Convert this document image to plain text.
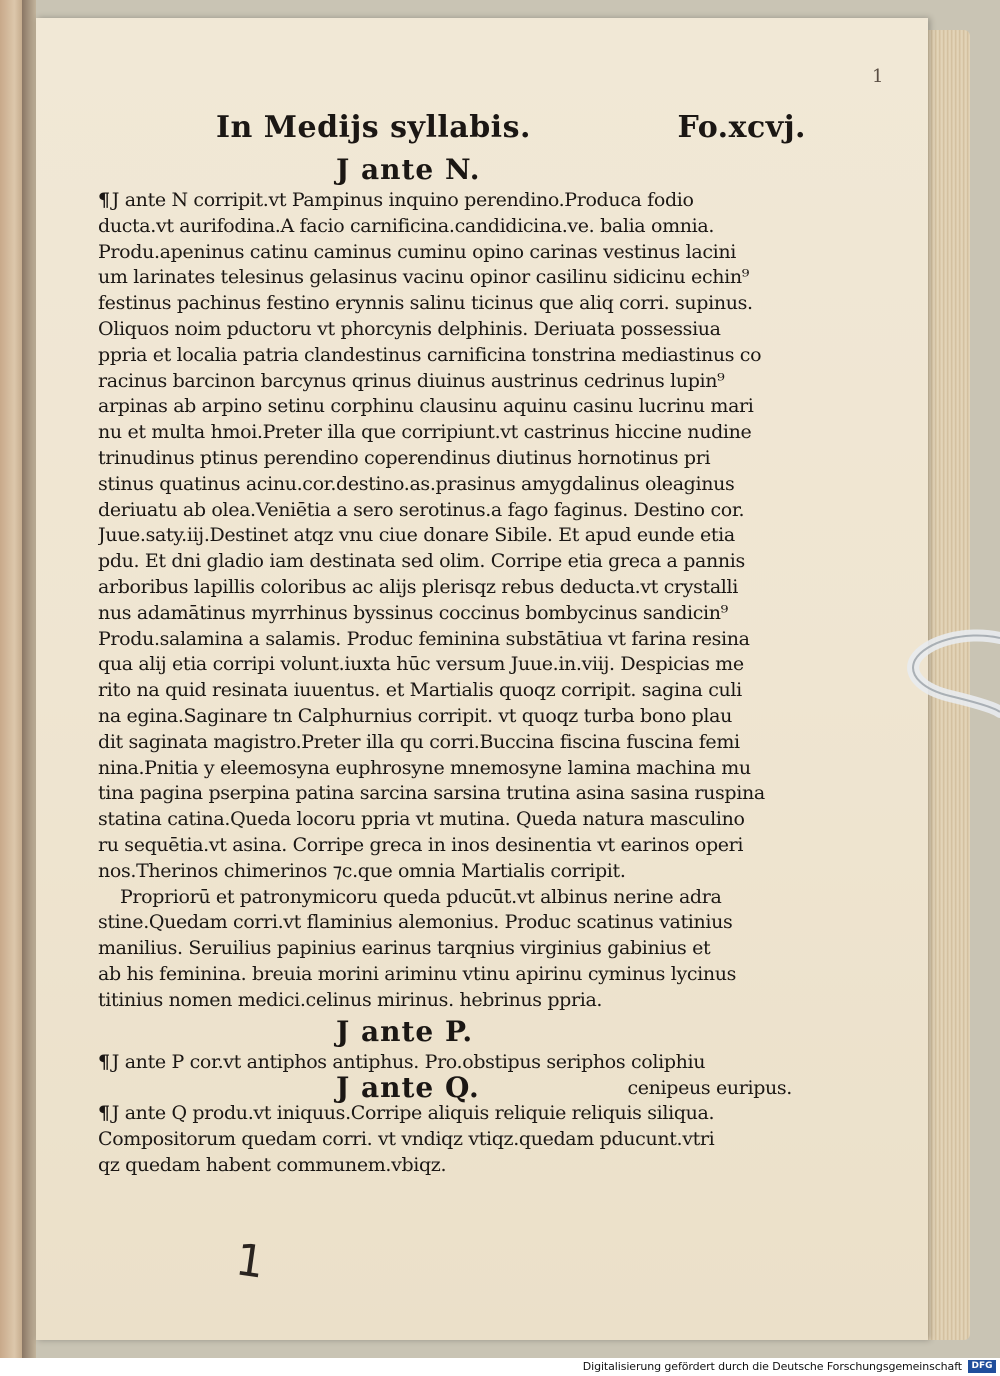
1
In Medijs syllabis.	Fo.xcvj.
J ante N.
¶ J ante N corripit.vt Pampinus inquino perendino.Produca fodio
ducta.vt aurifodina.A facio carnificina.candidicina.ve. balia omnia.
Produ.apeninus catinu caminus cuminu opino carinas vestinus lacini
um larinates telesinus gelasinus vacinu opinor casilinu sidicinu echin⁹
festinus pachinus festino erynnis salinu ticinus que aliq corri. supinus.
Oliquos noim pductoru vt phorcynis delphinis. Deriuata possessiua
ppria et localia patria clandestinus carnificina tonstrina mediastinus co
racinus barcinon barcynus qrinus diuinus austrinus cedrinus lupin⁹
arpinas ab arpino setinu corphinu clausinu aquinu casinu lucrinu mari
nu et multa hmoi.Preter illa que corripiunt.vt castrinus hiccine nudine
trinudinus ptinus perendino coperendinus diutinus hornotinus pri
stinus quatinus acinu.cor.destino.as.prasinus amygdalinus oleaginus
deriuatu ab olea.Veniētia a sero serotinus.a fago faginus. Destino cor.
Juue.saty.iij.Destinet atqz vnu ciue donare Sibile. Et apud eunde etia
pdu. Et dni gladio iam destinata sed olim. Corripe etia greca a pannis
arboribus lapillis coloribus ac alijs plerisqz rebus deducta.vt crystalli
nus adamātinus myrrhinus byssinus coccinus bombycinus sandicin⁹
Produ.salamina a salamis. Produc feminina substātiua vt farina resina
qua alij etia corripi volunt.iuxta hūc versum Juue.in.viij. Despicias me
rito na quid resinata iuuentus. et Martialis quoqz corripit. sagina culi
na egina.Saginare tn Calphurnius corripit. vt quoqz turba bono plau
dit saginata magistro.Preter illa qu corri.Buccina fiscina fuscina femi
nina.Pnitia y eleemosyna euphrosyne mnemosyne lamina machina mu
tina pagina pserpina patina sarcina sarsina trutina asina sasina ruspina
statina catina.Queda locoru ppria vt mutina. Queda natura masculino
ru sequētia.vt asina. Corripe greca in inos desinentia vt earinos operi
nos.Therinos chimerinos ⁊c.que omnia Martialis corripit.
Propriorū et patronymicoru queda pducūt.vt albinus nerine adra
stine.Quedam corri.vt flaminius alemonius. Produc scatinus vatinius
manilius. Seruilius papinius earinus tarqnius virginius gabinius et
ab his feminina. breuia morini ariminu vtinu apirinu cyminus lycinus
titinius nomen medici.celinus mirinus. hebrinus ppria.
J ante P.
¶ J ante P cor.vt antiphos antiphus. Pro.obstipus seriphos coliphiu
J ante Q.	cenipeus euripus.
¶ J ante Q produ.vt iniquus.Corripe aliquis reliquie reliquis siliqua.
Compositorum quedam corri. vt vndiqz vtiqz.quedam pducunt.vtri
qz quedam habent communem.vbiqz.
1
Digitalisierung gefördert durch die Deutsche Forschungsgemeinschaft	DFG
